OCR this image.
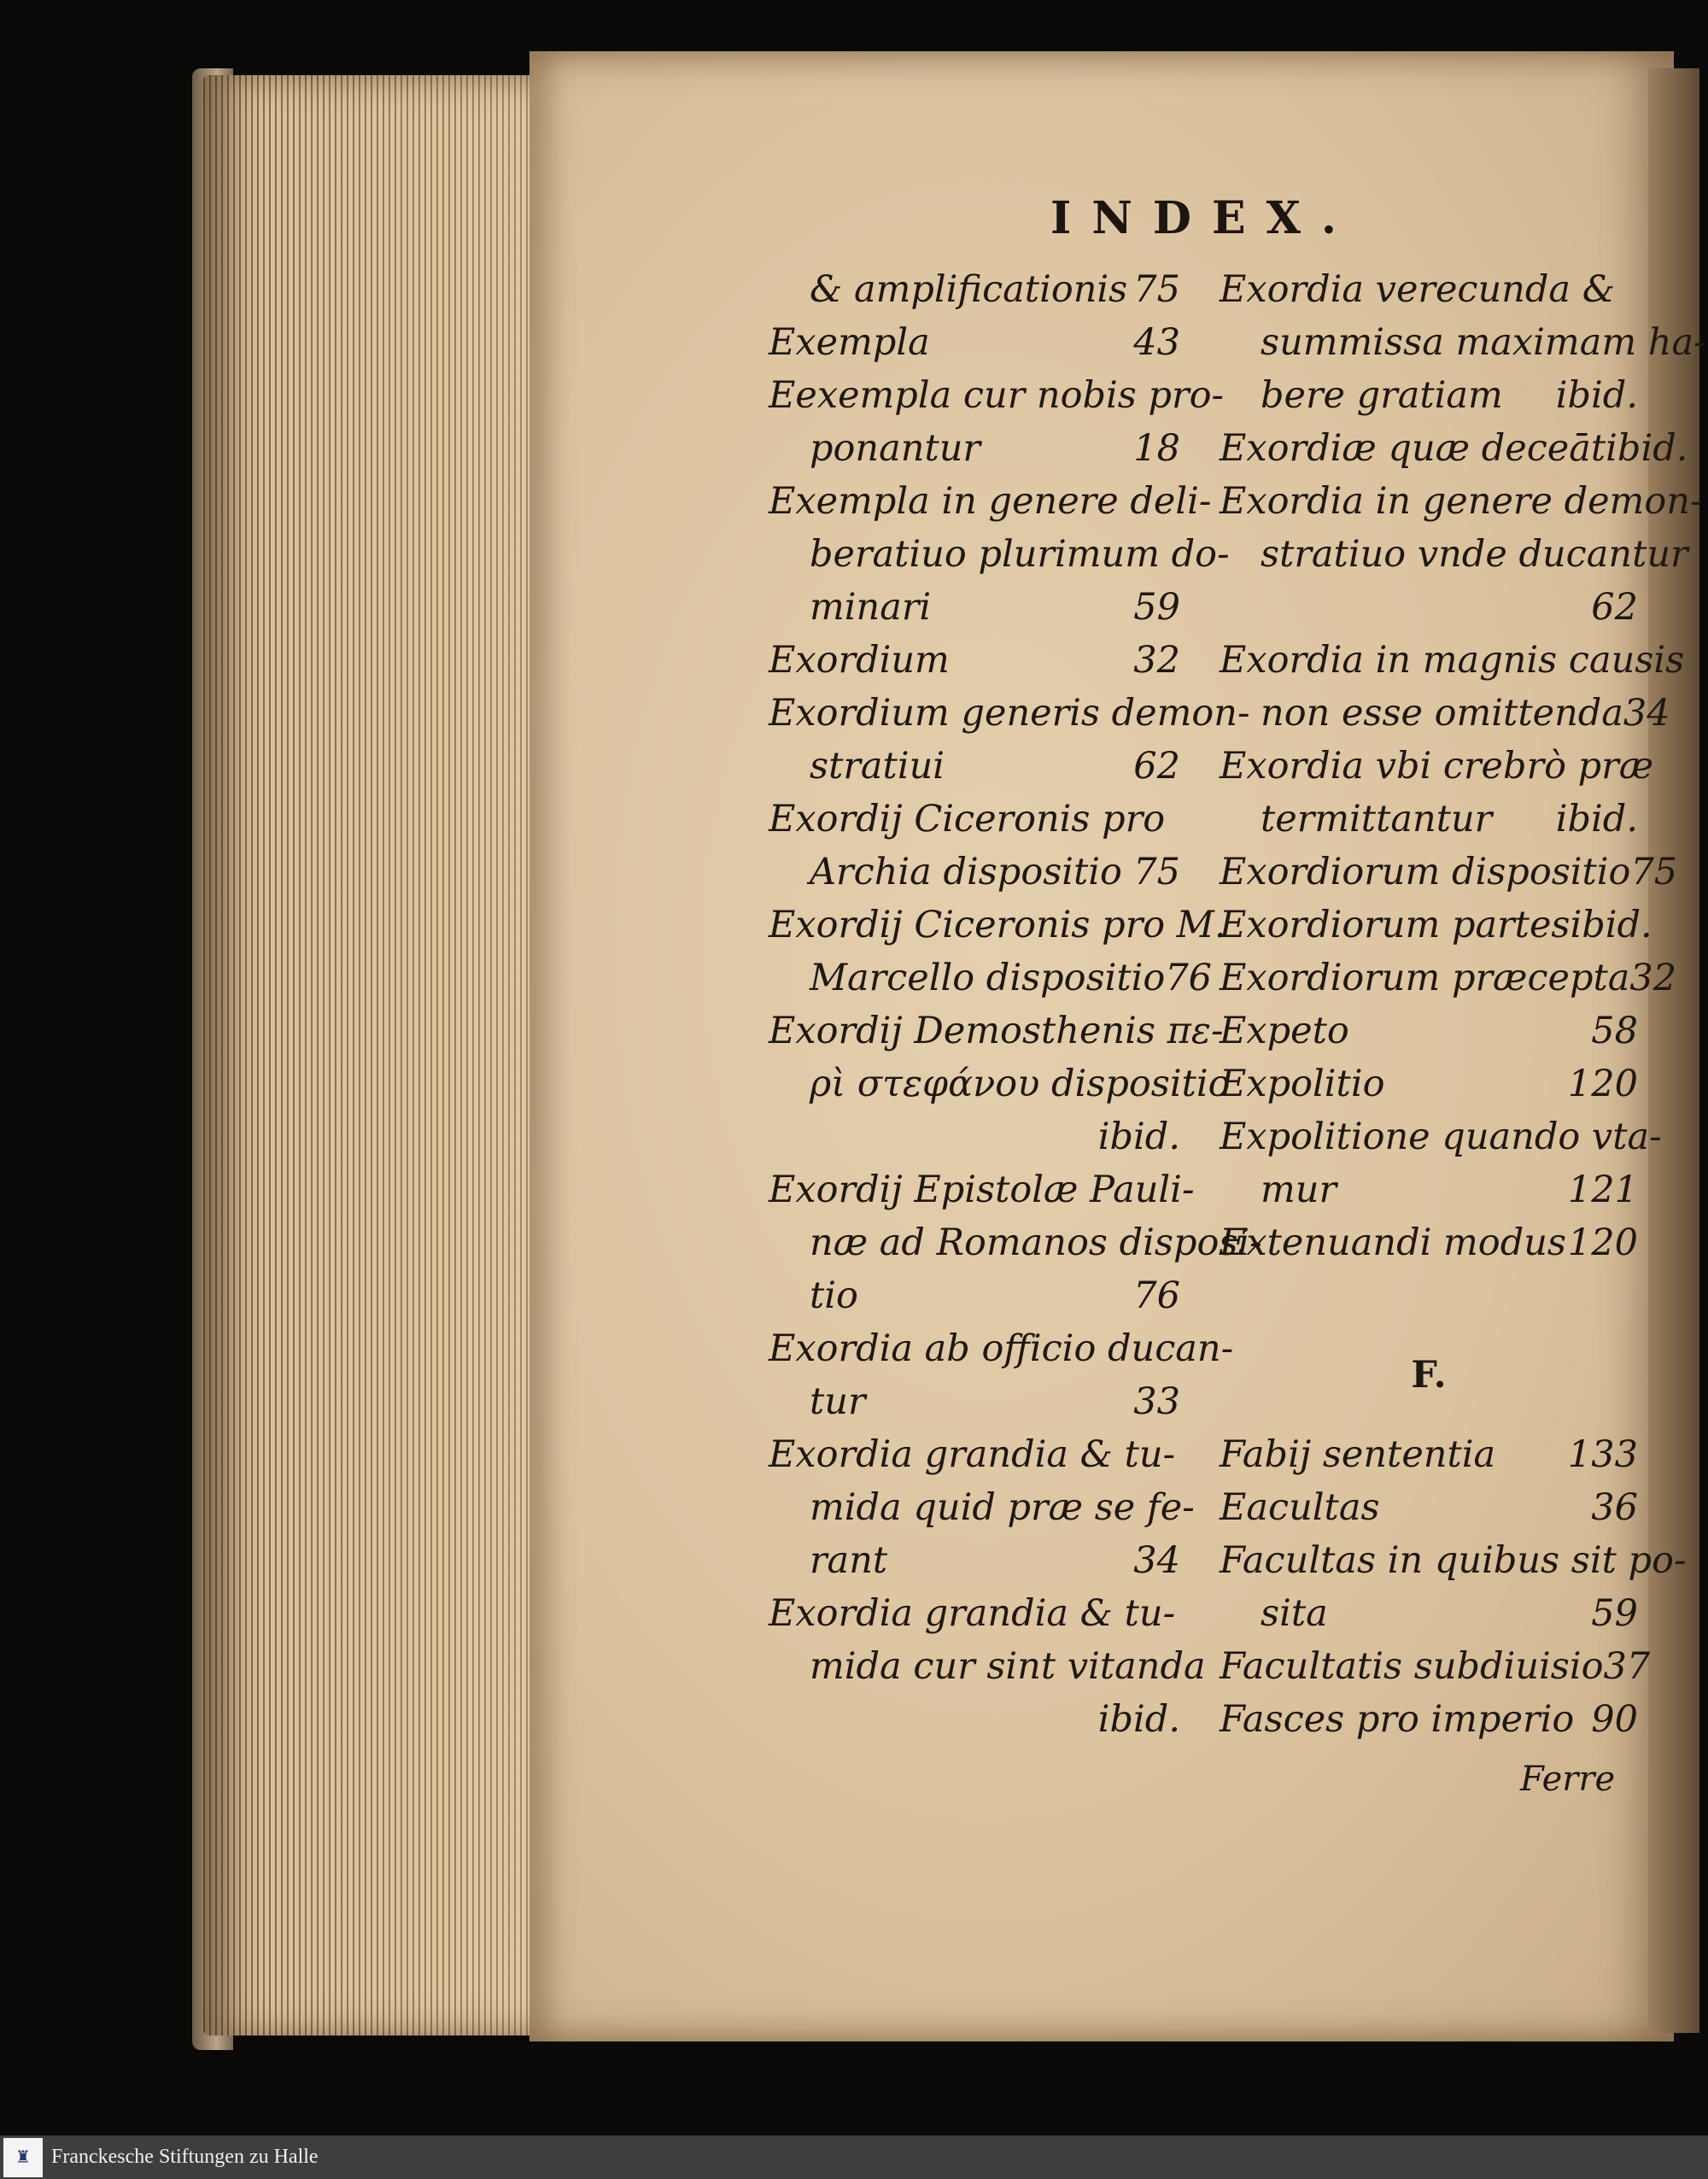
INDEX.
& amplificationis 75
Exempla	43
Eexempla cur nobis pro-
ponantur	18
Exempla in genere deli-
beratiuo plurimum do-
minari	59
Exordium	32
Exordium generis demon-
stratiui	62
Exordij Ciceronis pro
Archia dispositio 75
Exordij Ciceronis pro M.
Marcello dispositio 76
Exordij Demosthenis πε-
ρὶ στεφάνου dispositio
ibid.
Exordij Epistolæ Pauli-
næ ad Romanos disposi-
tio	76
Exordia ab officio ducan-
tur	33
Exordia grandia & tu-
mida quid præ se fe-
rant	34
Exordia grandia & tu-
mida cur sint vitanda
ibid.
Exordia verecunda &
summissa maximam ha-
bere gratiam ibid.
Exordiæ quæ deceāt ibid.
Exordia in genere demon-
stratiuo vnde ducantur
62
Exordia in magnis causis
non esse omittenda 34
Exordia vbi crebrò præ
termittantur ibid.
Exordiorum dispositio 75
Exordiorum partes ibid.
Exordiorum præcepta 32
Expeto	58
Expolitio	120
Expolitione quando vta-
mur	121
Extenuandi modus 120
F.
Fabij sententia 133
Eacultas	36
Facultas in quibus sit po-
sita	59
Facultatis subdiuisio 37
Fasces pro imperio 90
Ferre
♜	Franckesche Stiftungen zu Halle
